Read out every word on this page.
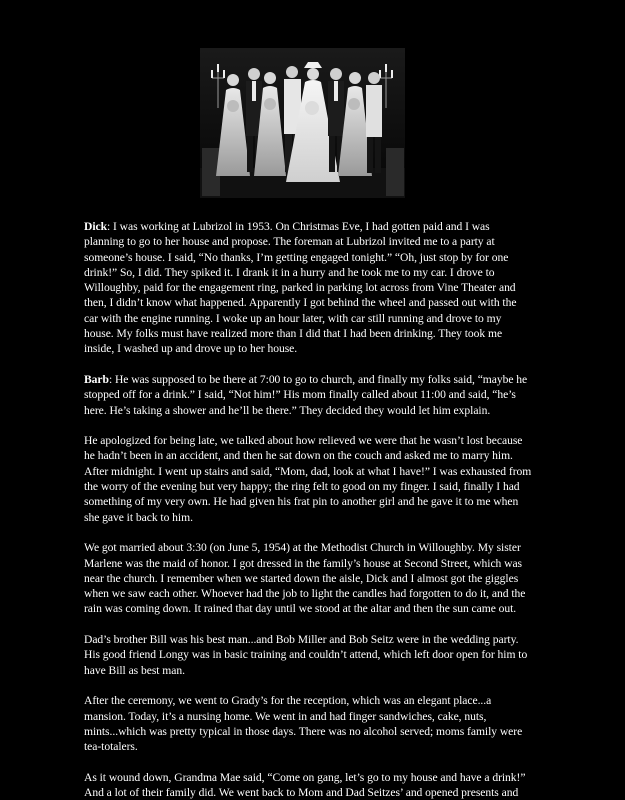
Dick: I was working at Lubrizol in 1953. On Christmas Eve, I had gotten paid and I was planning to go to her house and propose. The foreman at Lubrizol invited me to a party at someone’s house. I said, “No thanks, I’m getting engaged tonight.” “Oh, just stop by for one drink!” So, I did. They spiked it. I drank it in a hurry and he took me to my car. I drove to Willoughby, paid for the engagement ring, parked in parking lot across from Vine Theater and then, I didn’t know what happened. Apparently I got behind the wheel and passed out with the car with the engine running. I woke up an hour later, with car still running and drove to my house. My folks must have realized more than I did that I had been drinking. They took me inside, I washed up and drove up to her house.

Barb: He was supposed to be there at 7:00 to go to church, and finally my folks said, “maybe he stopped off for a drink.” I said, “Not him!” His mom finally called about 11:00 and said, “he’s here. He’s taking a shower and he’ll be there.” They decided they would let him explain.

He apologized for being late, we talked about how relieved we were that he wasn’t lost because he hadn’t been in an accident, and then he sat down on the couch and asked me to marry him. After midnight. I went up stairs and said, “Mom, dad, look at what I have!” I was exhausted from the worry of the evening but very happy; the ring felt to good on my finger. I said, finally I had something of my very own. He had given his frat pin to another girl and he gave it to me when she gave it back to him.

We got married about 3:30 (on June 5, 1954) at the Methodist Church in Willoughby. My sister Marlene was the maid of honor. I got dressed in the family’s house at Second Street, which was near the church. I remember when we started down the aisle, Dick and I almost got the giggles when we saw each other. Whoever had the job to light the candles had forgotten to do it, and the rain was coming down. It rained that day until we stood at the altar and then the sun came out.

Dad’s brother Bill was his best man...and Bob Miller and Bob Seitz were in the wedding party. His good friend Longy was in basic training and couldn’t attend, which left door open for him to have Bill as best man.

After the ceremony, we went to Grady’s for the reception, which was an elegant place...a mansion. Today, it’s a nursing home. We went in and had finger sandwiches, cake, nuts, mints...which was pretty typical in those days. There was no alcohol served; moms family were tea-totalers.

As it wound down, Grandma Mae said, “Come on gang, let’s go to my house and have a drink!” And a lot of their family did. We went back to Mom and Dad Seitzes’ and opened presents and
